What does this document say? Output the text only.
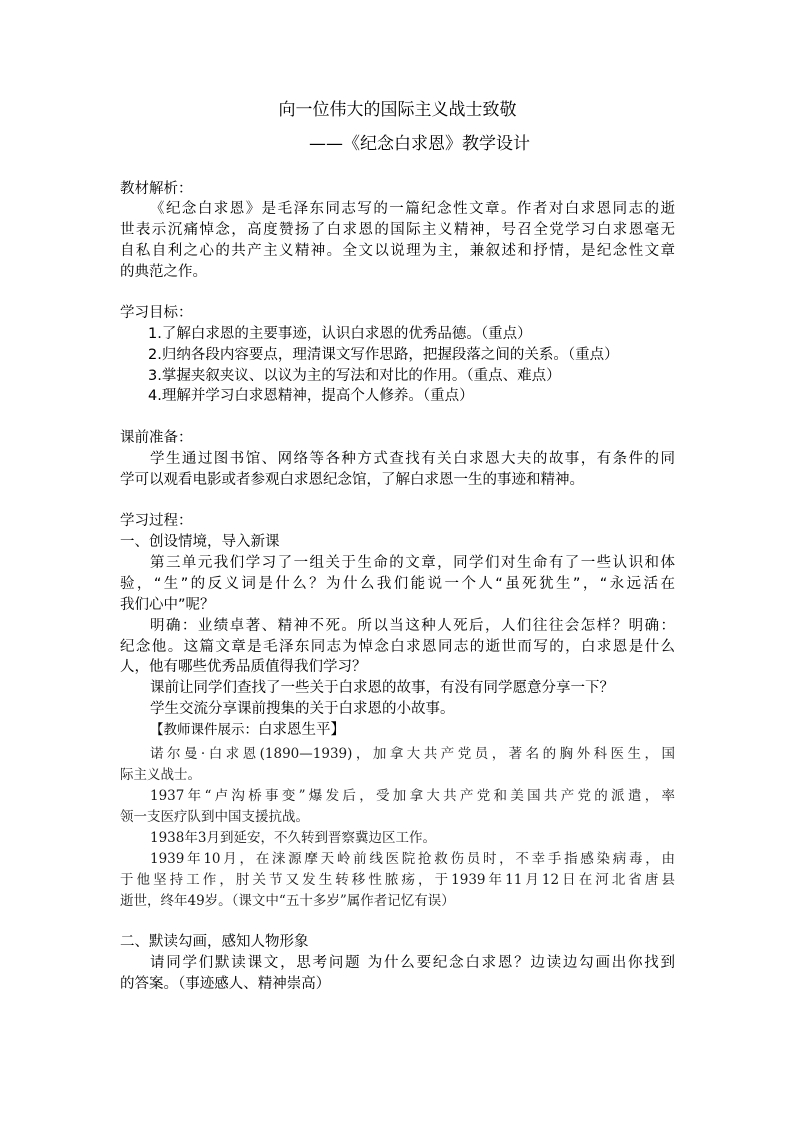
向一位伟大的国际主义战士致敬
——《纪念白求恩》教学设计
教材解析：
《纪念白求恩》是毛泽东同志写的一篇纪念性文章。作者对白求恩同志的逝
世表示沉痛悼念，高度赞扬了白求恩的国际主义精神，号召全党学习白求恩毫无
自私自利之心的共产主义精神。全文以说理为主，兼叙述和抒情，是纪念性文章
的典范之作。
学习目标：
1.了解白求恩的主要事迹，认识白求恩的优秀品德。（重点）
2.归纳各段内容要点，理清课文写作思路，把握段落之间的关系。（重点）
3.掌握夹叙夹议、以议为主的写法和对比的作用。（重点、难点）
4.理解并学习白求恩精神，提高个人修养。（重点）
课前准备：
学生通过图书馆、网络等各种方式查找有关白求恩大夫的故事，有条件的同
学可以观看电影或者参观白求恩纪念馆，了解白求恩一生的事迹和精神。
学习过程：
一、创设情境，导入新课
第三单元我们学习了一组关于生命的文章，同学们对生命有了一些认识和体
验，“生”的反义词是什么？为什么我们能说一个人“虽死犹生”，“永远活在
我们心中”呢？
明确：业绩卓著、精神不死。所以当这种人死后，人们往往会怎样？明确：
纪念他。这篇文章是毛泽东同志为悼念白求恩同志的逝世而写的，白求恩是什么
人，他有哪些优秀品质值得我们学习？
课前让同学们查找了一些关于白求恩的故事，有没有同学愿意分享一下？
学生交流分享课前搜集的关于白求恩的小故事。
【教师课件展示：白求恩生平】
诺尔曼·白求恩(1890—1939)，加拿大共产党员，著名的胸外科医生，国
际主义战士。
1937年“卢沟桥事变”爆发后，受加拿大共产党和美国共产党的派遣，率
领一支医疗队到中国支援抗战。
1938年3月到延安，不久转到晋察冀边区工作。
1939年10月，在涞源摩天岭前线医院抢救伤员时，不幸手指感染病毒，由
于他坚持工作，肘关节又发生转移性脓疡，于1939年11月12日在河北省唐县
逝世，终年49岁。（课文中“五十多岁”属作者记忆有误）
二、默读勾画，感知人物形象
请同学们默读课文，思考问题 为什么要纪念白求恩？边读边勾画出你找到
的答案。（事迹感人、精神崇高）
